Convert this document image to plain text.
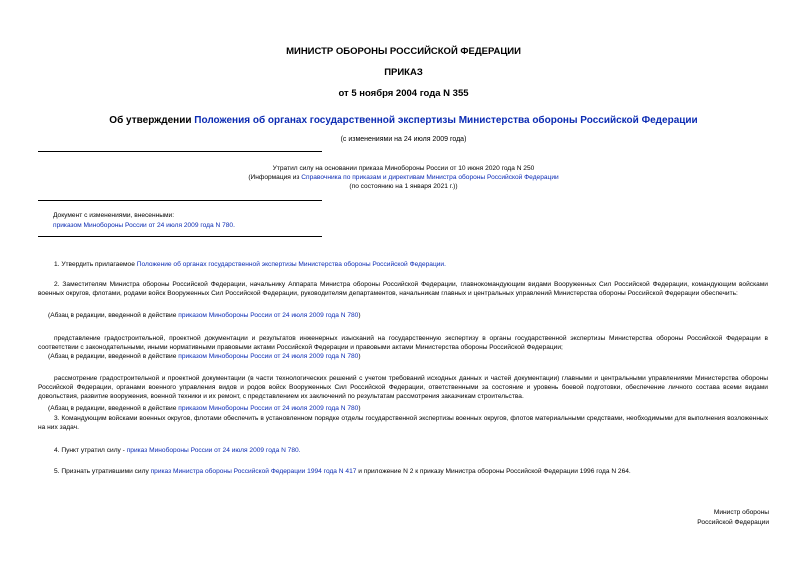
МИНИСТР ОБОРОНЫ РОССИЙСКОЙ ФЕДЕРАЦИИ
ПРИКАЗ
от 5 ноября 2004 года N 355
Об утверждении Положения об органах государственной экспертизы Министерства обороны Российской Федерации
(с изменениями на 24 июля 2009 года)
Утратил силу на основании приказа Минобороны России от 10 июня 2020 года N 250
(Информация из Справочника по приказам и директивам Министра обороны Российской Федерации
(по состоянию на 1 января 2021 г.))
Документ с изменениями, внесенными:
приказом Минобороны России от 24 июля 2009 года N 780.
1. Утвердить прилагаемое Положение об органах государственной экспертизы Министерства обороны Российской Федерации.
2. Заместителям Министра обороны Российской Федерации, начальнику Аппарата Министра обороны Российской Федерации, главнокомандующим видами Вооруженных Сил Российской Федерации, командующим войсками военных округов, флотами, родами войск Вооруженных Сил Российской Федерации, руководителям департаментов, начальникам главных и центральных управлений Министерства обороны Российской Федерации обеспечить:
(Абзац в редакции, введенной в действие приказом Минобороны России от 24 июля 2009 года N 780)
представление градостроительной, проектной документации и результатов инженерных изысканий на государственную экспертизу в органы государственной экспертизы Министерства обороны Российской Федерации в соответствии с законодательными, иными нормативными правовыми актами Российской Федерации и правовыми актами Министерства обороны Российской Федерации;
(Абзац в редакции, введенной в действие приказом Минобороны России от 24 июля 2009 года N 780)
рассмотрение градостроительной и проектной документации (в части технологических решений с учетом требований исходных данных и частей документации) главными и центральными управлениями Министерства обороны Российской Федерации, органами военного управления видов и родов войск Вооруженных Сил Российской Федерации, ответственными за состояние и уровень боевой подготовки, обеспечение личного состава всеми видами довольствия, развитие вооружения, военной техники и их ремонт, с представлением их заключений по результатам рассмотрения заказчикам строительства.
(Абзац в редакции, введенной в действие приказом Минобороны России от 24 июля 2009 года N 780)
3. Командующим войсками военных округов, флотами обеспечить в установленном порядке отделы государственной экспертизы военных округов, флотов материальными средствами, необходимыми для выполнения возложенных на них задач.
4. Пункт утратил силу - приказ Минобороны России от 24 июля 2009 года N 780.
5. Признать утратившими силу приказ Министра обороны Российской Федерации 1994 года N 417 и приложение N 2 к приказу Министра обороны Российской Федерации 1996 года N 264.
Министр обороны
Российской Федерации
